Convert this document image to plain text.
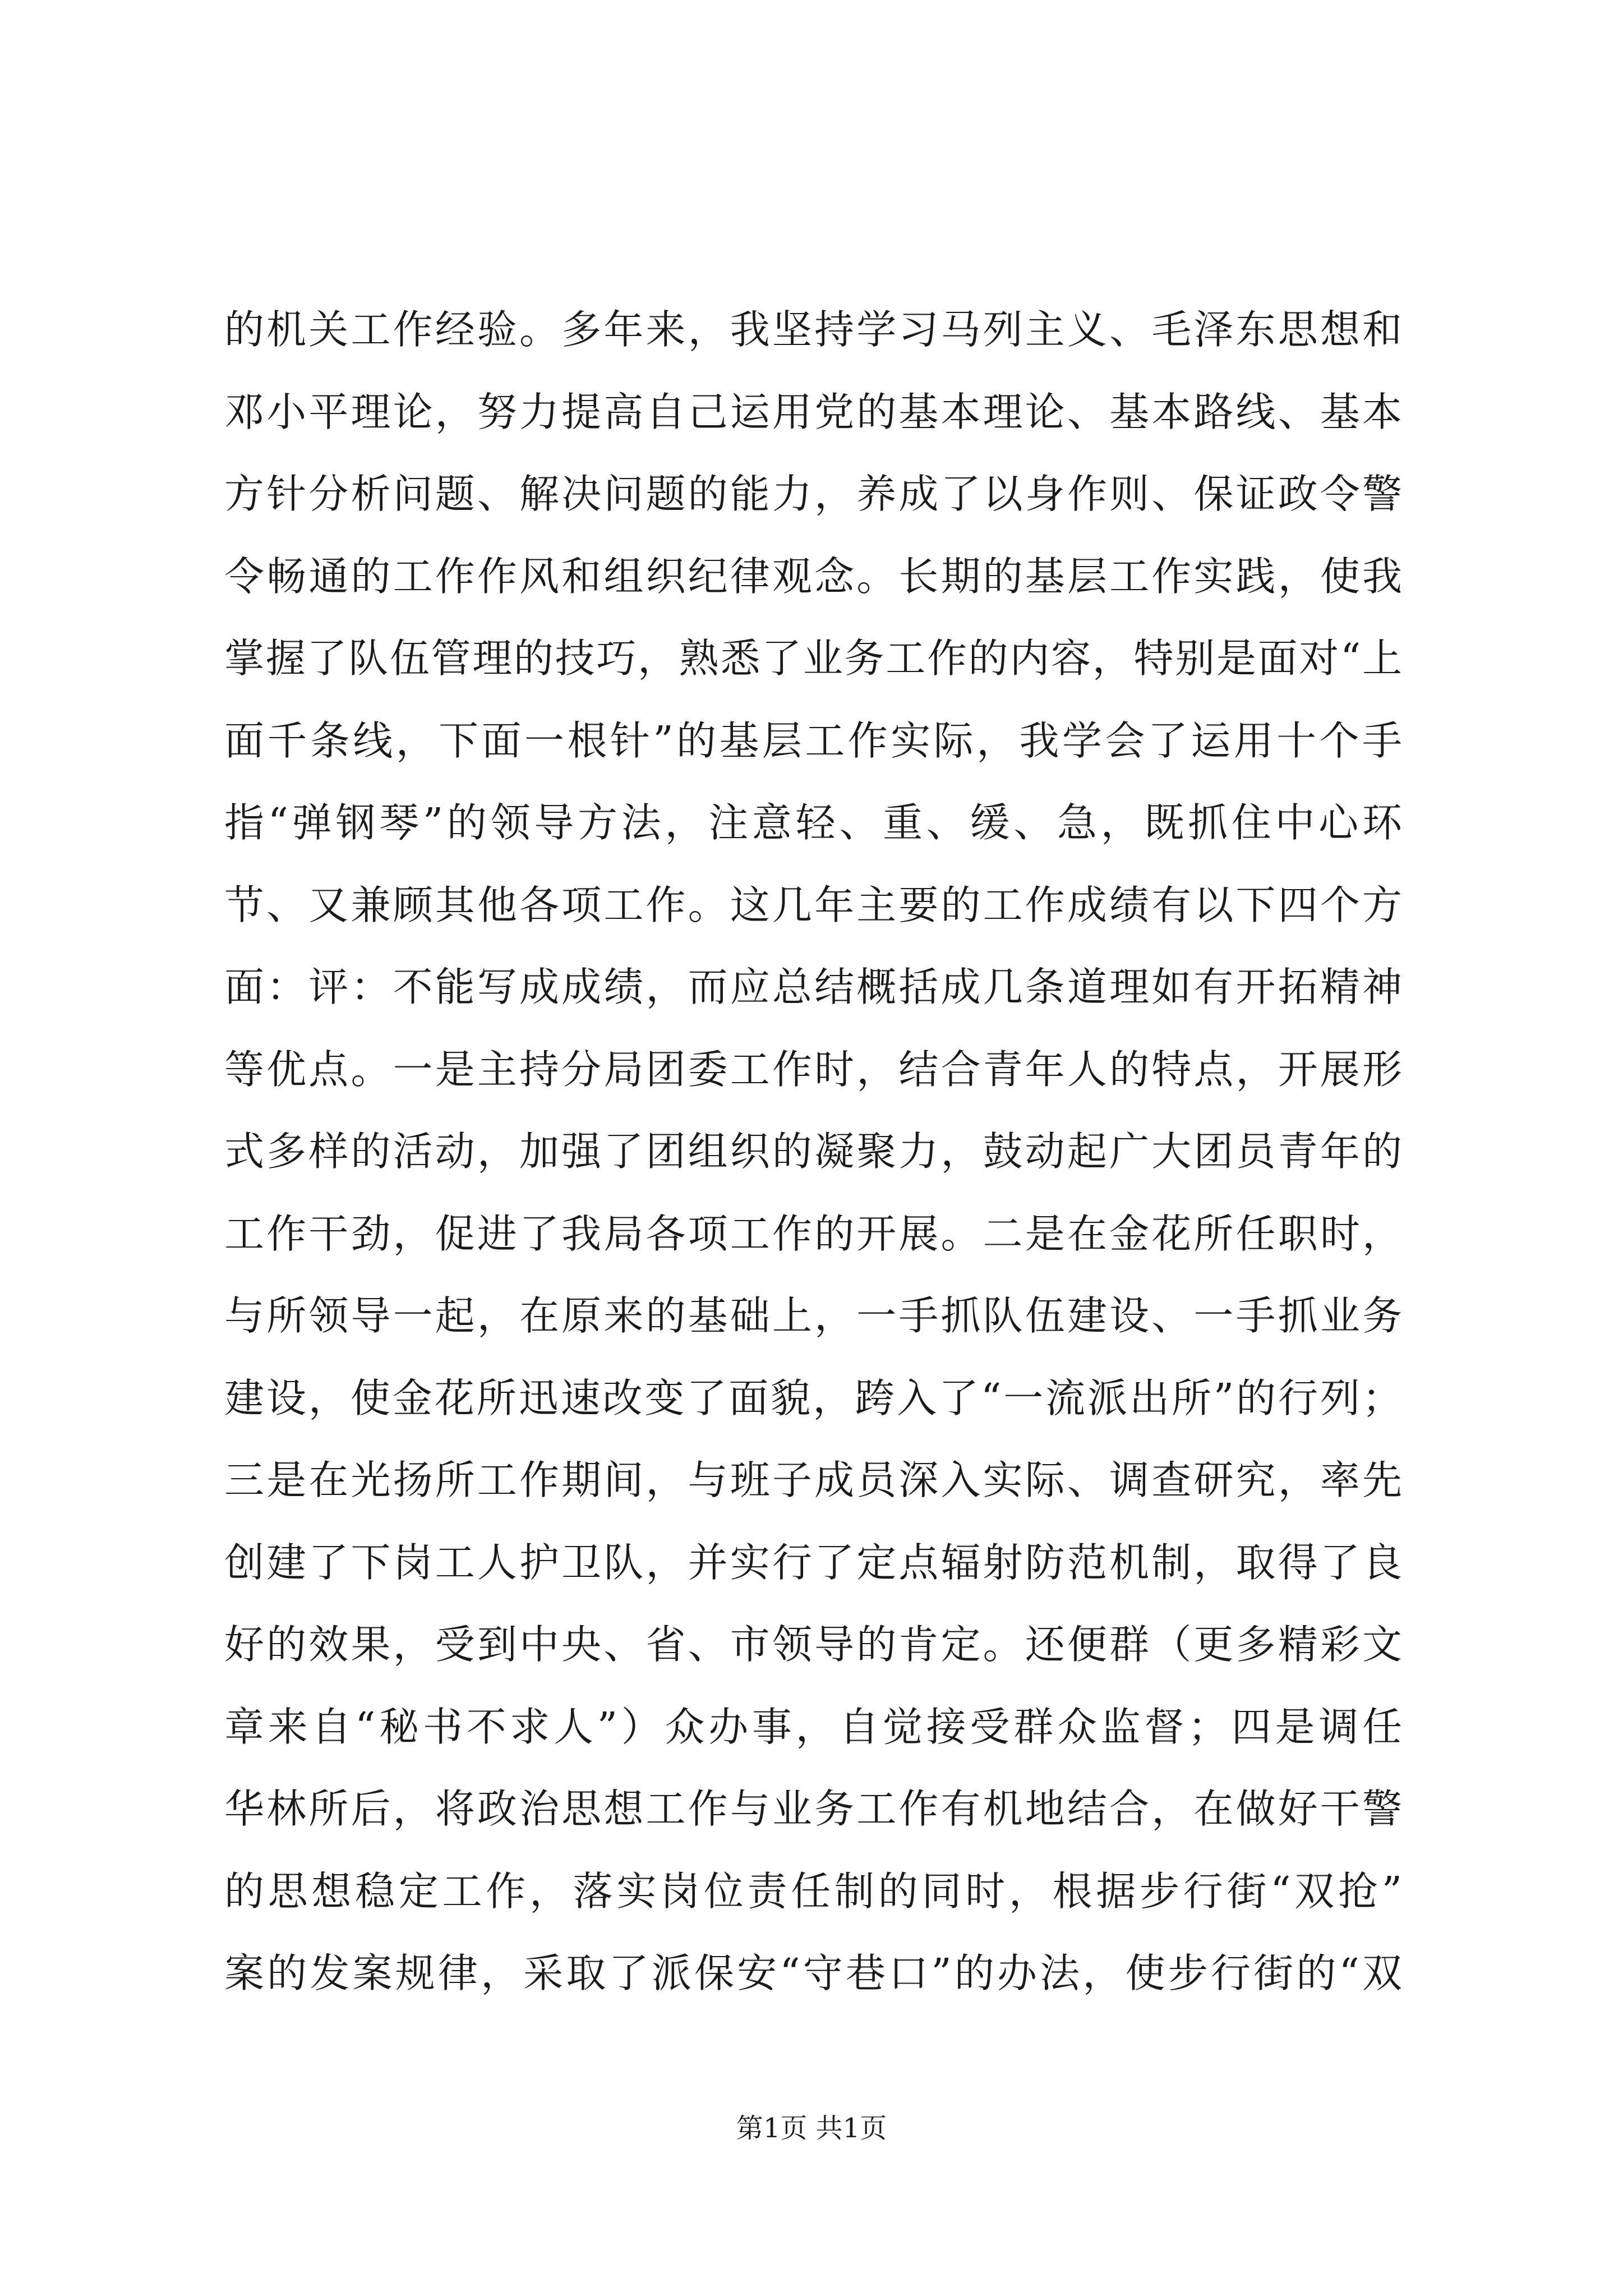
的机关工作经验。多年来，我坚持学习马列主义、毛泽东思想和
邓小平理论，努力提高自己运用党的基本理论、基本路线、基本
方针分析问题、解决问题的能力，养成了以身作则、保证政令警
令畅通的工作作风和组织纪律观念。长期的基层工作实践，使我
掌握了队伍管理的技巧，熟悉了业务工作的内容，特别是面对“上
面千条线，下面一根针”的基层工作实际，我学会了运用十个手
指“弹钢琴”的领导方法，注意轻、重、缓、急，既抓住中心环
节、又兼顾其他各项工作。这几年主要的工作成绩有以下四个方
面：评：不能写成成绩，而应总结概括成几条道理如有开拓精神
等优点。一是主持分局团委工作时，结合青年人的特点，开展形
式多样的活动，加强了团组织的凝聚力，鼓动起广大团员青年的
工作干劲，促进了我局各项工作的开展。二是在金花所任职时，
与所领导一起，在原来的基础上，一手抓队伍建设、一手抓业务
建设，使金花所迅速改变了面貌，跨入了“一流派出所”的行列；
三是在光扬所工作期间，与班子成员深入实际、调查研究，率先
创建了下岗工人护卫队，并实行了定点辐射防范机制，取得了良
好的效果，受到中央、省、市领导的肯定。还便群（更多精彩文
章来自“秘书不求人”）众办事，自觉接受群众监督；四是调任
华林所后，将政治思想工作与业务工作有机地结合，在做好干警
的思想稳定工作，落实岗位责任制的同时，根据步行街“双抢”
案的发案规律，采取了派保安“守巷口”的办法，使步行街的“双

第1页 共1页
